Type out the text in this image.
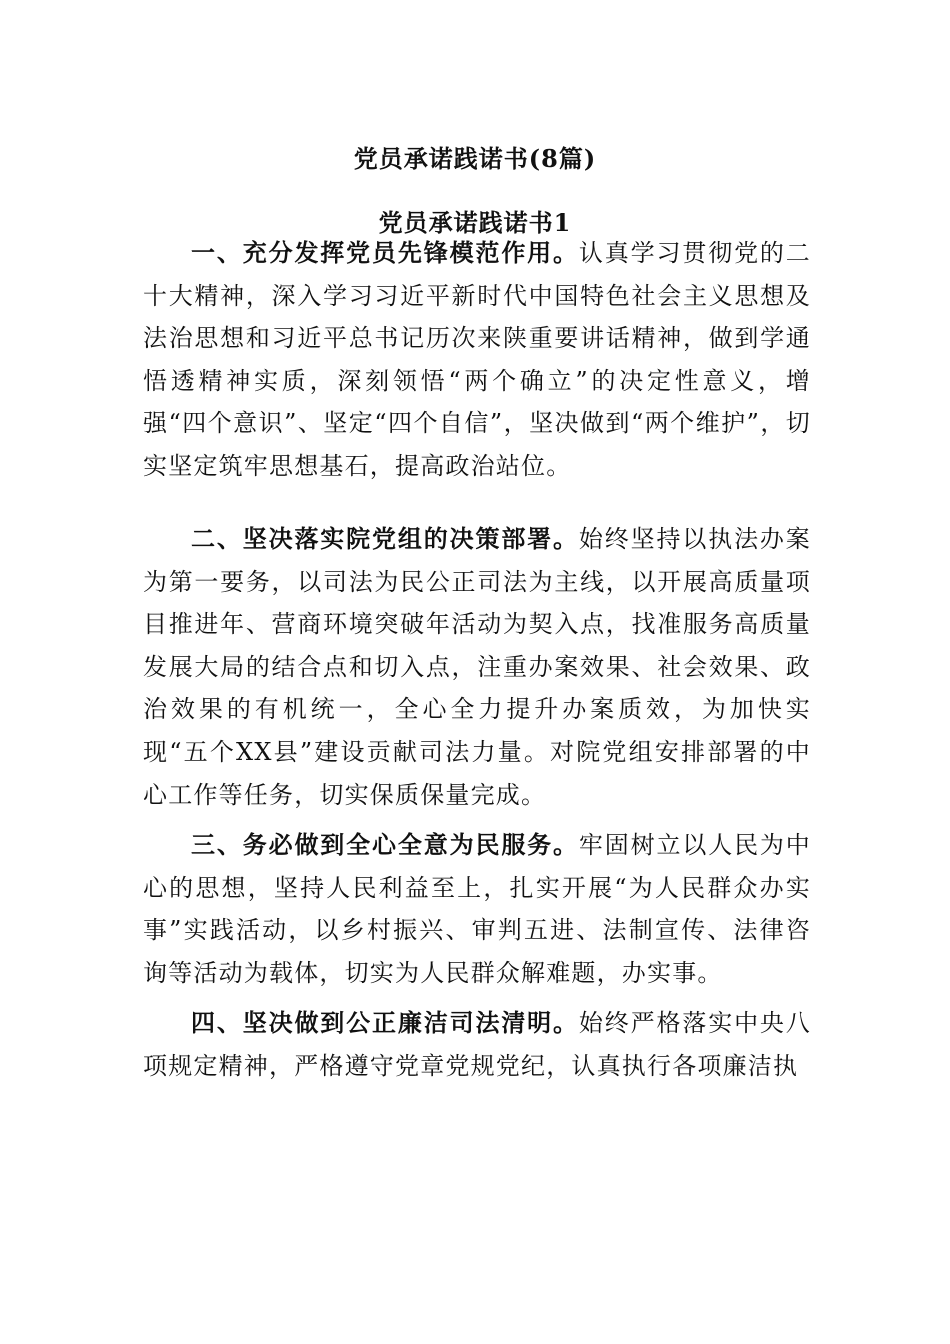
党员承诺践诺书(8篇)
党员承诺践诺书1

一、充分发挥党员先锋模范作用。认真学习贯彻党的二十大精神，深入学习习近平新时代中国特色社会主义思想及法治思想和习近平总书记历次来陕重要讲话精神，做到学通悟透精神实质，深刻领悟“两个确立”的决定性意义，增强“四个意识”、坚定“四个自信”，坚决做到“两个维护”，切实坚定筑牢思想基石，提高政治站位。

二、坚决落实院党组的决策部署。始终坚持以执法办案为第一要务，以司法为民公正司法为主线，以开展高质量项目推进年、营商环境突破年活动为契入点，找准服务高质量发展大局的结合点和切入点，注重办案效果、社会效果、政治效果的有机统一，全心全力提升办案质效，为加快实现“五个XX县”建设贡献司法力量。对院党组安排部署的中心工作等任务，切实保质保量完成。

三、务必做到全心全意为民服务。牢固树立以人民为中心的思想，坚持人民利益至上，扎实开展“为人民群众办实事”实践活动，以乡村振兴、审判五进、法制宣传、法律咨询等活动为载体，切实为人民群众解难题，办实事。

四、坚决做到公正廉洁司法清明。始终严格落实中央八项规定精神，严格遵守党章党规党纪，认真执行各项廉洁执
